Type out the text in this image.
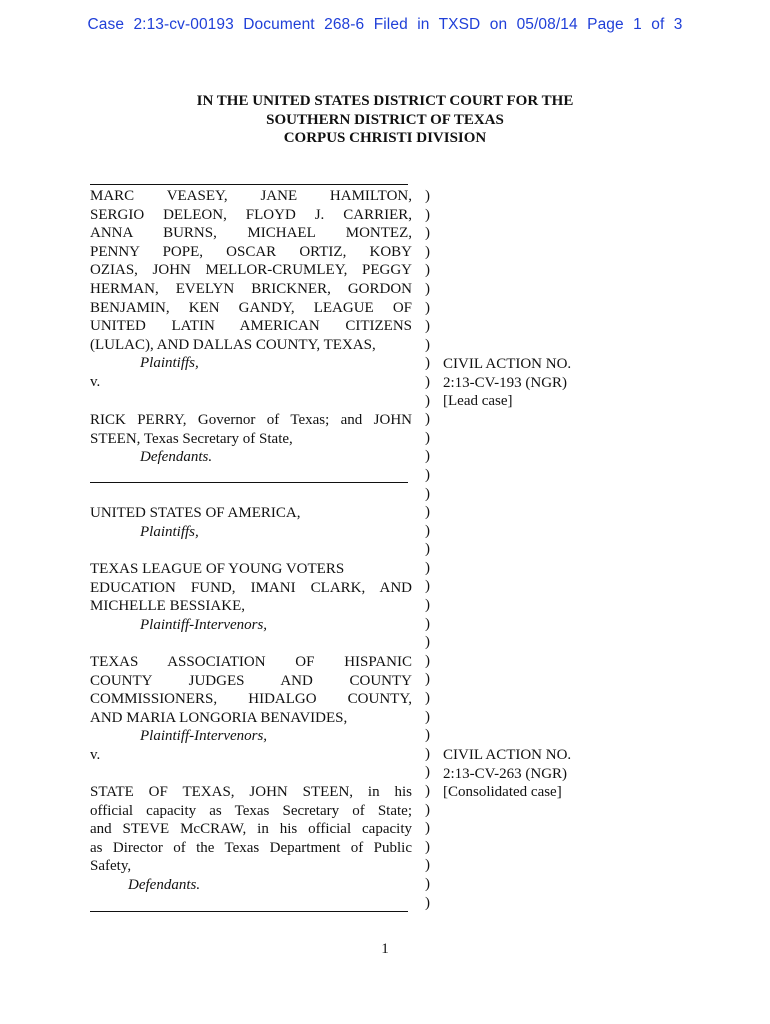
Case 2:13-cv-00193 Document 268-6 Filed in TXSD on 05/08/14 Page 1 of 3
IN THE UNITED STATES DISTRICT COURT FOR THE
SOUTHERN DISTRICT OF TEXAS
CORPUS CHRISTI DIVISION
MARC VEASEY, JANE HAMILTON,
SERGIO DELEON, FLOYD J. CARRIER,
ANNA BURNS, MICHAEL MONTEZ,
PENNY POPE, OSCAR ORTIZ, KOBY
OZIAS, JOHN MELLOR-CRUMLEY, PEGGY
HERMAN, EVELYN BRICKNER, GORDON
BENJAMIN, KEN GANDY, LEAGUE OF
UNITED LATIN AMERICAN CITIZENS
(LULAC), AND DALLAS COUNTY, TEXAS,
Plaintiffs,
v.
RICK PERRY, Governor of Texas; and JOHN
STEEN, Texas Secretary of State,
Defendants.
UNITED STATES OF AMERICA,
Plaintiffs,
TEXAS LEAGUE OF YOUNG VOTERS
EDUCATION FUND, IMANI CLARK, AND
MICHELLE BESSIAKE,
Plaintiff-Intervenors,
TEXAS ASSOCIATION OF HISPANIC
COUNTY JUDGES AND COUNTY
COMMISSIONERS, HIDALGO COUNTY,
AND MARIA LONGORIA BENAVIDES,
Plaintiff-Intervenors,
v.
STATE OF TEXAS, JOHN STEEN, in his
official capacity as Texas Secretary of State;
and STEVE McCRAW, in his official capacity
as Director of the Texas Department of Public
Safety,
Defendants.
)
)
)
)
)
)
)
)
)
)
)
)
)
)
)
)
)
)
)
)
)
)
)
)
)
)
)
)
)
)
)
)
)
)
)
)
)
)
)
CIVIL ACTION NO.
2:13-CV-193 (NGR)
[Lead case]
CIVIL ACTION NO.
2:13-CV-263 (NGR)
[Consolidated case]
1
